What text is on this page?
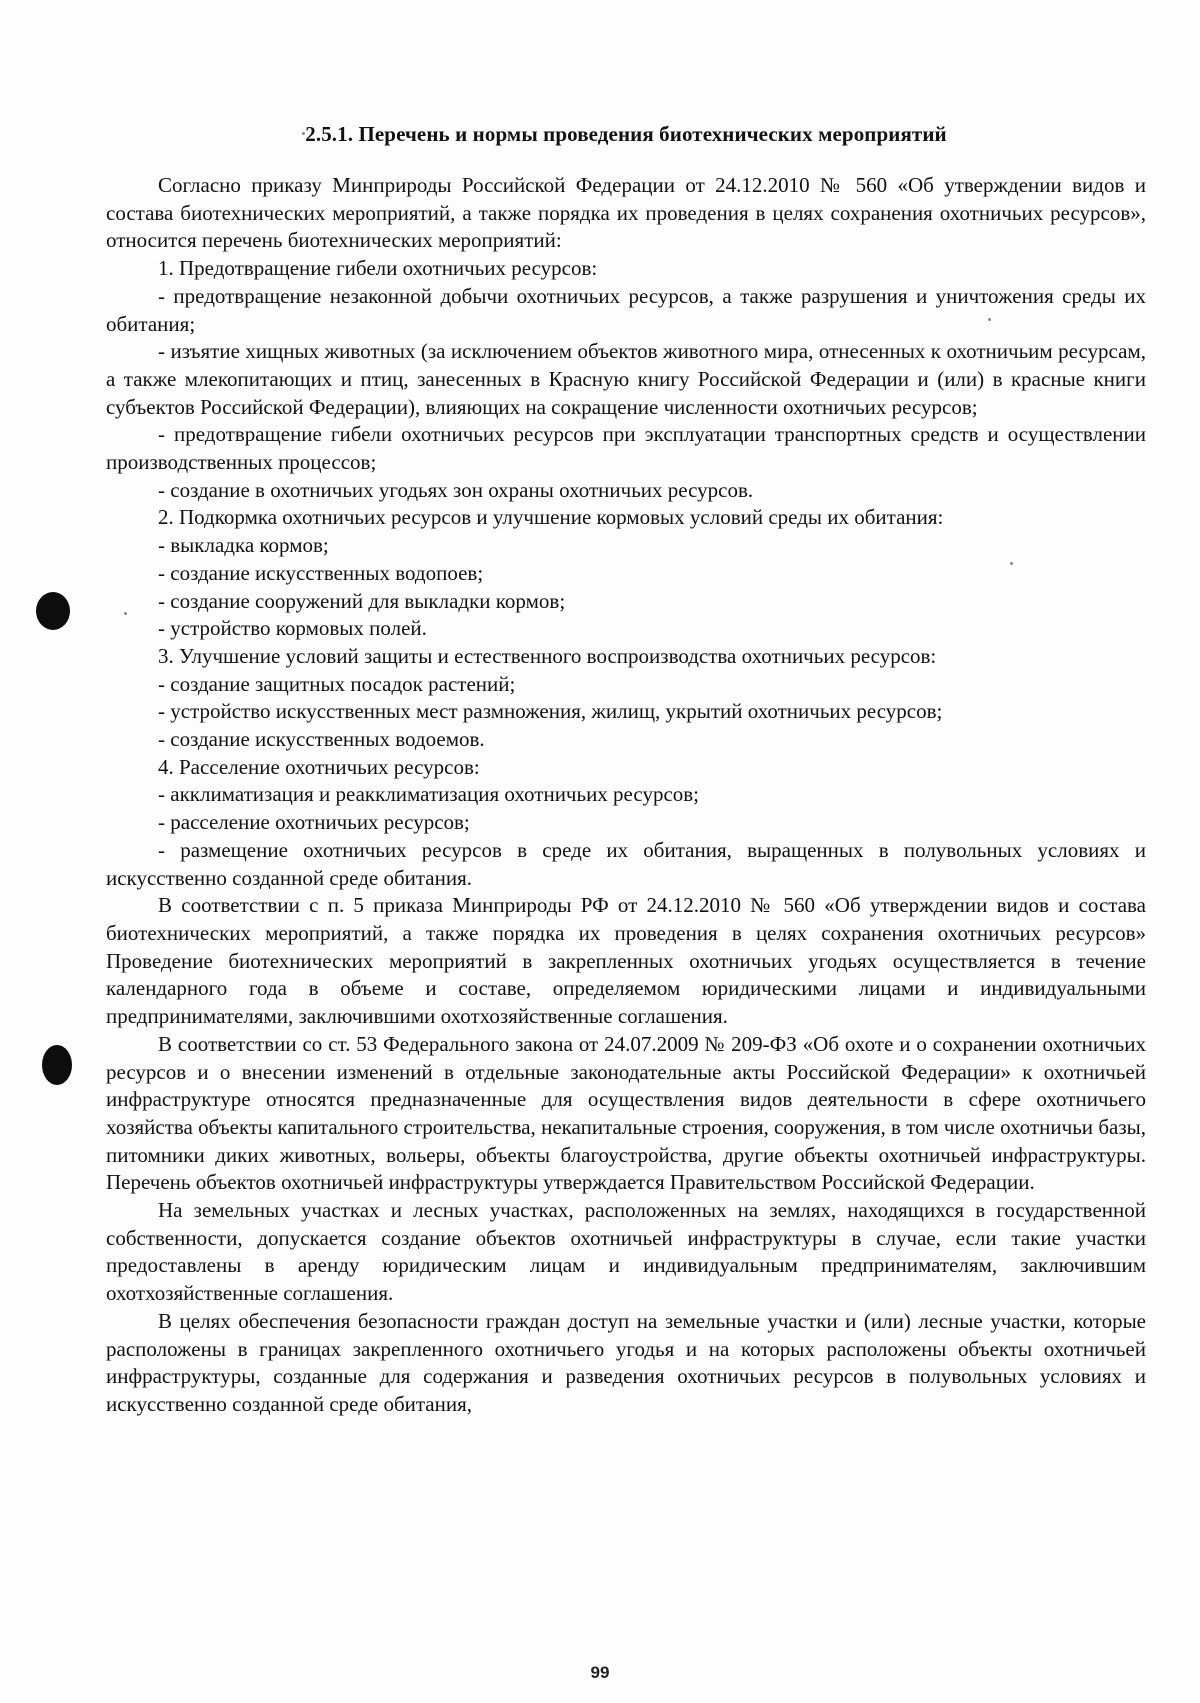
2.5.1. Перечень и нормы проведения биотехнических мероприятий

Согласно приказу Минприроды Российской Федерации от 24.12.2010 № 560 «Об утверждении видов и состава биотехнических мероприятий, а также порядка их проведения в целях сохранения охотничьих ресурсов», относится перечень биотехнических мероприятий:

1. Предотвращение гибели охотничьих ресурсов:

- предотвращение незаконной добычи охотничьих ресурсов, а также разрушения и уничтожения среды их обитания;

- изъятие хищных животных (за исключением объектов животного мира, отнесенных к охотничьим ресурсам, а также млекопитающих и птиц, занесенных в Красную книгу Российской Федерации и (или) в красные книги субъектов Российской Федерации), влияющих на сокращение численности охотничьих ресурсов;

- предотвращение гибели охотничьих ресурсов при эксплуатации транспортных средств и осуществлении производственных процессов;

- создание в охотничьих угодьях зон охраны охотничьих ресурсов.

2. Подкормка охотничьих ресурсов и улучшение кормовых условий среды их обитания:

- выкладка кормов;

- создание искусственных водопоев;

- создание сооружений для выкладки кормов;

- устройство кормовых полей.

3. Улучшение условий защиты и естественного воспроизводства охотничьих ресурсов:

- создание защитных посадок растений;

- устройство искусственных мест размножения, жилищ, укрытий охотничьих ресурсов;

- создание искусственных водоемов.

4. Расселение охотничьих ресурсов:

- акклиматизация и реакклиматизация охотничьих ресурсов;

- расселение охотничьих ресурсов;

- размещение охотничьих ресурсов в среде их обитания, выращенных в полувольных условиях и искусственно созданной среде обитания.

В соответствии с п. 5 приказа Минприроды РФ от 24.12.2010 № 560 «Об утверждении видов и состава биотехнических мероприятий, а также порядка их проведения в целях сохранения охотничьих ресурсов» Проведение биотехнических мероприятий в закрепленных охотничьих угодьях осуществляется в течение календарного года в объеме и составе, определяемом юридическими лицами и индивидуальными предпринимателями, заключившими охотхозяйственные соглашения.

В соответствии со ст. 53 Федерального закона от 24.07.2009 № 209-ФЗ «Об охоте и о сохранении охотничьих ресурсов и о внесении изменений в отдельные законодательные акты Российской Федерации» к охотничьей инфраструктуре относятся предназначенные для осуществления видов деятельности в сфере охотничьего хозяйства объекты капитального строительства, некапитальные строения, сооружения, в том числе охотничьи базы, питомники диких животных, вольеры, объекты благоустройства, другие объекты охотничьей инфраструктуры. Перечень объектов охотничьей инфраструктуры утверждается Правительством Российской Федерации.

На земельных участках и лесных участках, расположенных на землях, находящихся в государственной собственности, допускается создание объектов охотничьей инфраструктуры в случае, если такие участки предоставлены в аренду юридическим лицам и индивидуальным предпринимателям, заключившим охотхозяйственные соглашения.

В целях обеспечения безопасности граждан доступ на земельные участки и (или) лесные участки, которые расположены в границах закрепленного охотничьего угодья и на которых расположены объекты охотничьей инфраструктуры, созданные для содержания и разведения охотничьих ресурсов в полувольных условиях и искусственно созданной среде обитания,

99
